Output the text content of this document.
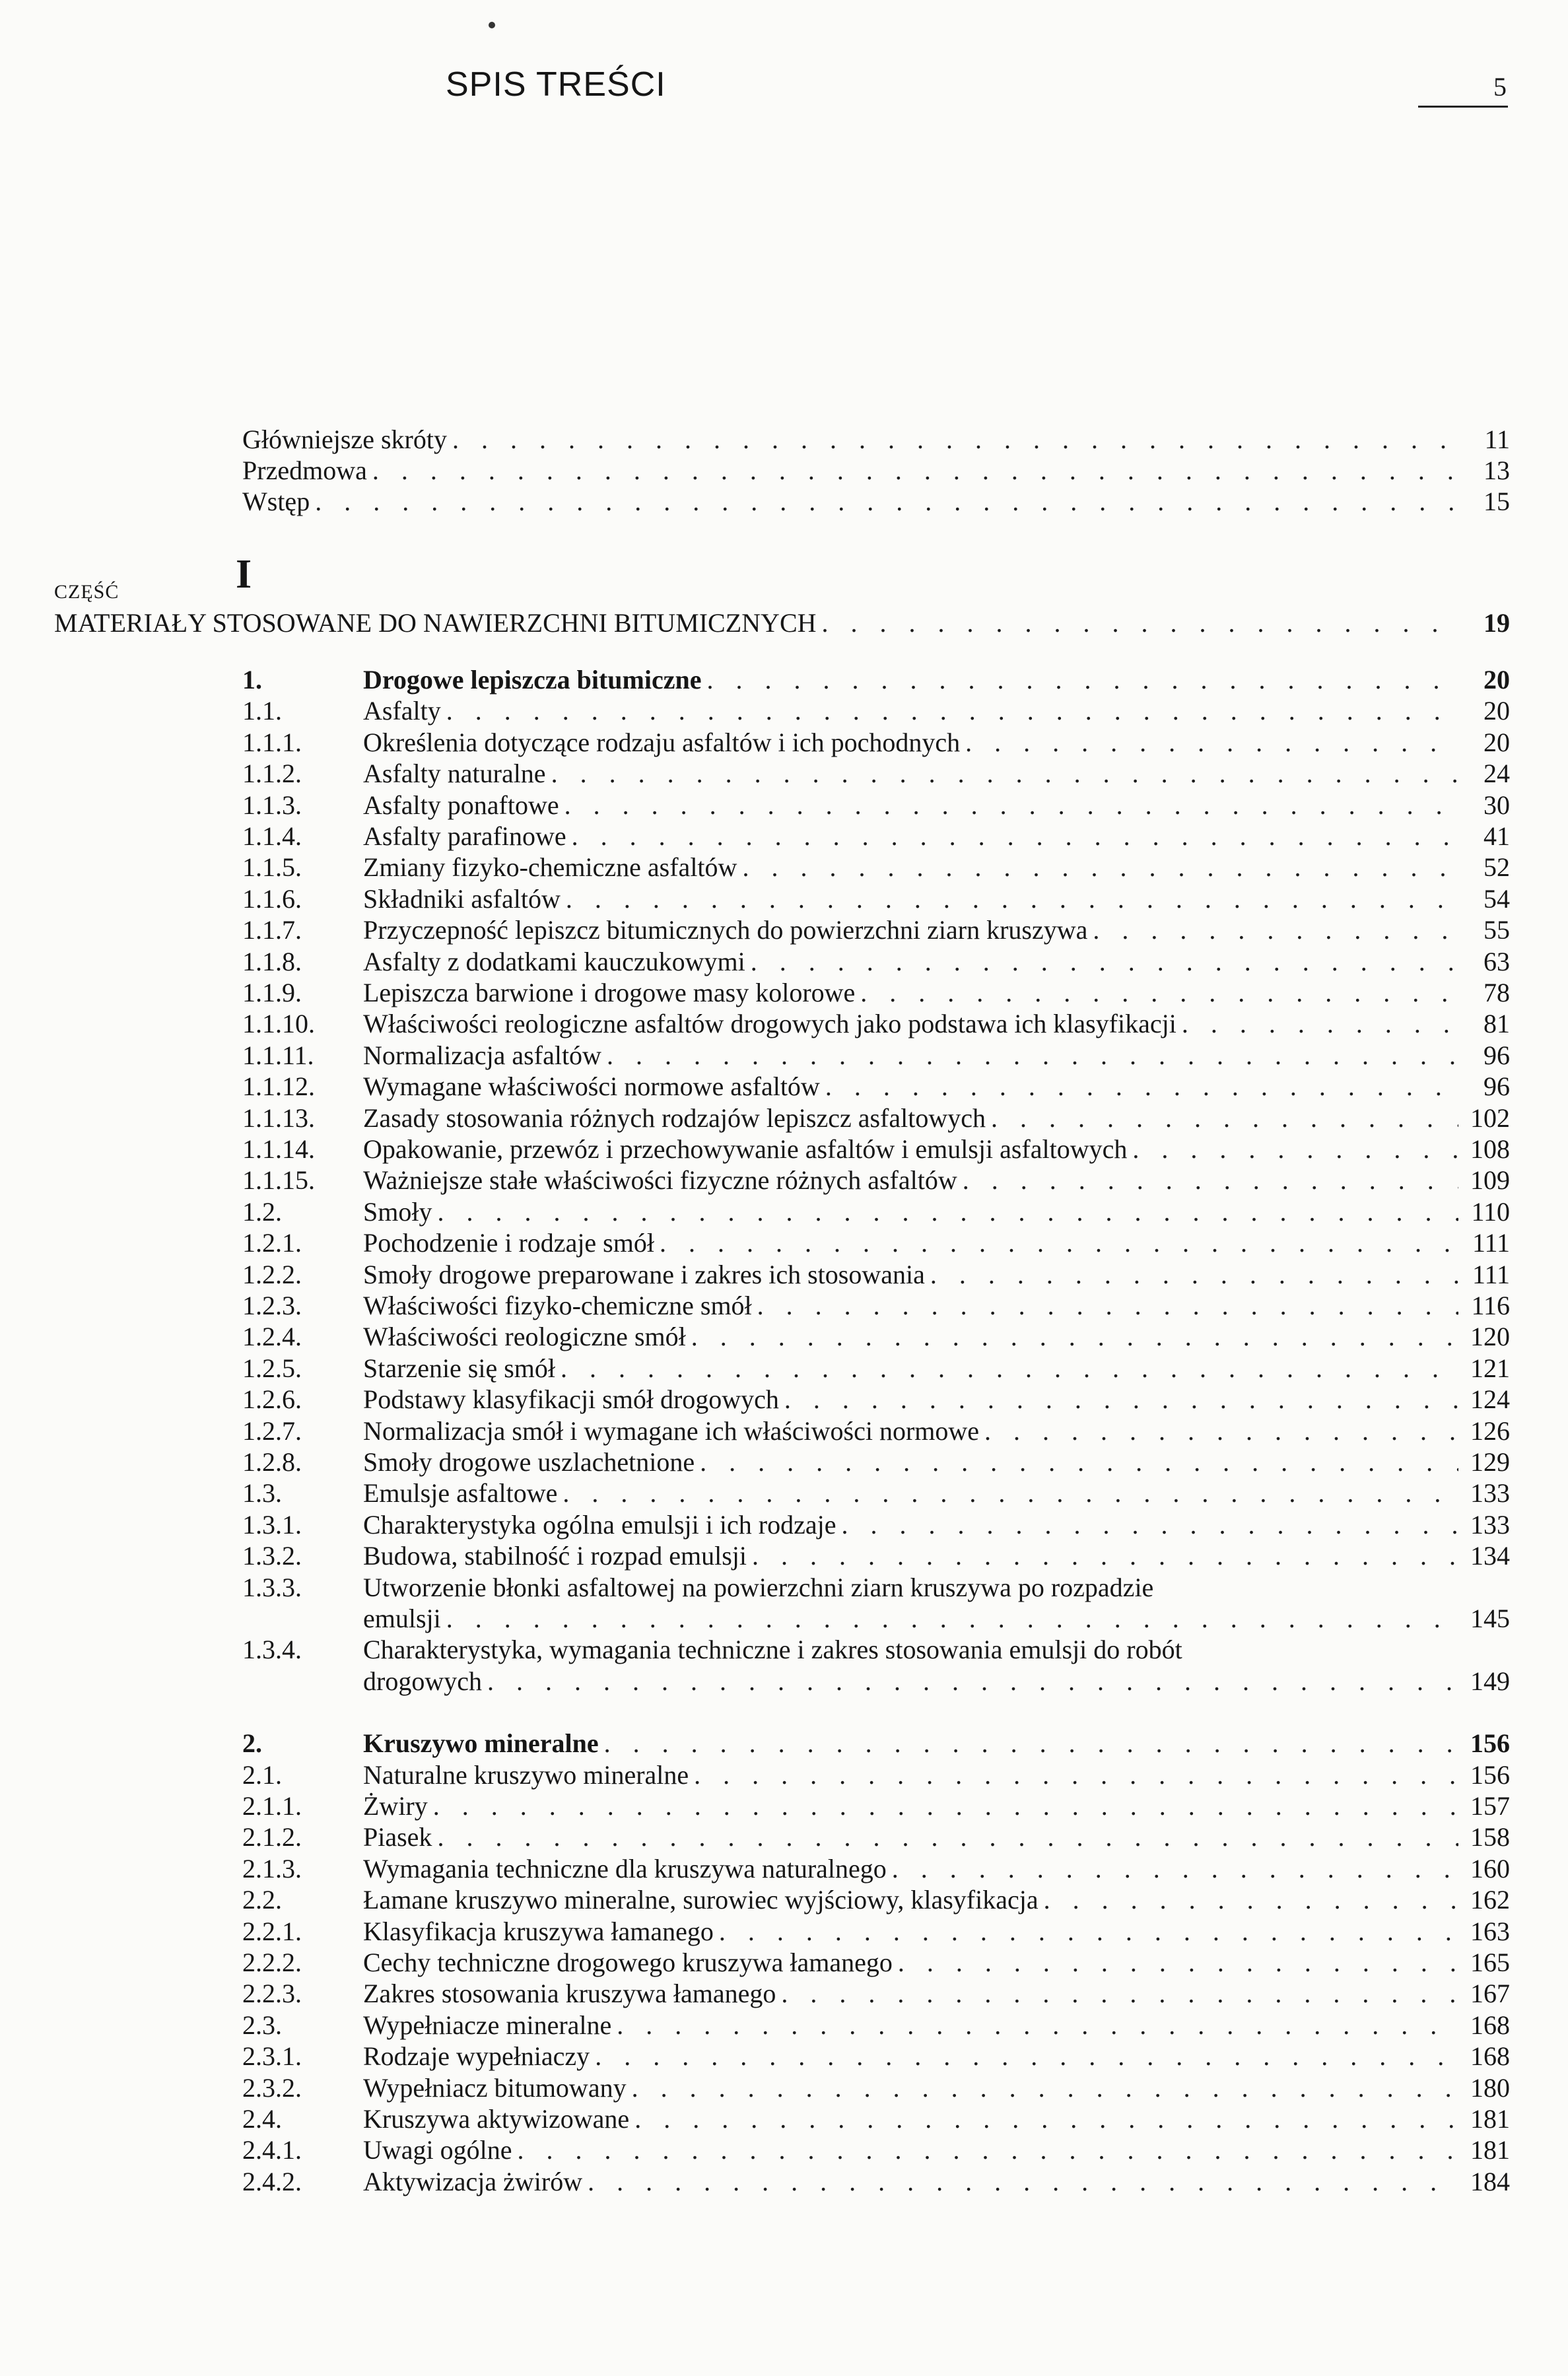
SPIS TREŚCI	5
Główniejsze skróty . . .	11
Przedmowa . . .	13
Wstęp . . .	15
CZĘŚĆ	I
MATERIAŁY STOSOWANE DO NAWIERZCHNI BITUMICZNYCH . . .	19
1.	Drogowe lepiszcza bitumiczne . . .	20
1.1.	Asfalty . . .	20
1.1.1.	Określenia dotyczące rodzaju asfaltów i ich pochodnych . . .	20
1.1.2.	Asfalty naturalne . . .	24
1.1.3.	Asfalty ponaftowe . . .	30
1.1.4.	Asfalty parafinowe . . .	41
1.1.5.	Zmiany fizyko-chemiczne asfaltów . . .	52
1.1.6.	Składniki asfaltów . . .	54
1.1.7.	Przyczepność lepiszcz bitumicznych do powierzchni ziarn kruszywa . . .	55
1.1.8.	Asfalty z dodatkami kauczukowymi . . .	63
1.1.9.	Lepiszcza barwione i drogowe masy kolorowe . . .	78
1.1.10.	Właściwości reologiczne asfaltów drogowych jako podstawa ich klasyfikacji . . .	81
1.1.11.	Normalizacja asfaltów . . .	96
1.1.12.	Wymagane właściwości normowe asfaltów . . .	96
1.1.13.	Zasady stosowania różnych rodzajów lepiszcz asfaltowych . . .	102
1.1.14.	Opakowanie, przewóz i przechowywanie asfaltów i emulsji asfaltowych . . .	108
1.1.15.	Ważniejsze stałe właściwości fizyczne różnych asfaltów . . .	109
1.2.	Smoły . . .	110
1.2.1.	Pochodzenie i rodzaje smół . . .	111
1.2.2.	Smoły drogowe preparowane i zakres ich stosowania . . .	111
1.2.3.	Właściwości fizyko-chemiczne smół . . .	116
1.2.4.	Właściwości reologiczne smół . . .	120
1.2.5.	Starzenie się smół . . .	121
1.2.6.	Podstawy klasyfikacji smół drogowych . . .	124
1.2.7.	Normalizacja smół i wymagane ich właściwości normowe . . .	126
1.2.8.	Smoły drogowe uszlachetnione . . .	129
1.3.	Emulsje asfaltowe . . .	133
1.3.1.	Charakterystyka ogólna emulsji i ich rodzaje . . .	133
1.3.2.	Budowa, stabilność i rozpad emulsji . . .	134
1.3.3.	Utworzenie błonki asfaltowej na powierzchni ziarn kruszywa po rozpadzie
emulsji . . .	145
1.3.4.	Charakterystyka, wymagania techniczne i zakres stosowania emulsji do robót
drogowych . . .	149
2.	Kruszywo mineralne . . .	156
2.1.	Naturalne kruszywo mineralne . . .	156
2.1.1.	Żwiry . . .	157
2.1.2.	Piasek . . .	158
2.1.3.	Wymagania techniczne dla kruszywa naturalnego . . .	160
2.2.	Łamane kruszywo mineralne, surowiec wyjściowy, klasyfikacja . . .	162
2.2.1.	Klasyfikacja kruszywa łamanego . . .	163
2.2.2.	Cechy techniczne drogowego kruszywa łamanego . . .	165
2.2.3.	Zakres stosowania kruszywa łamanego . . .	167
2.3.	Wypełniacze mineralne . . .	168
2.3.1.	Rodzaje wypełniaczy . . .	168
2.3.2.	Wypełniacz bitumowany . . .	180
2.4.	Kruszywa aktywizowane . . .	181
2.4.1.	Uwagi ogólne . . .	181
2.4.2.	Aktywizacja żwirów . . .	184
